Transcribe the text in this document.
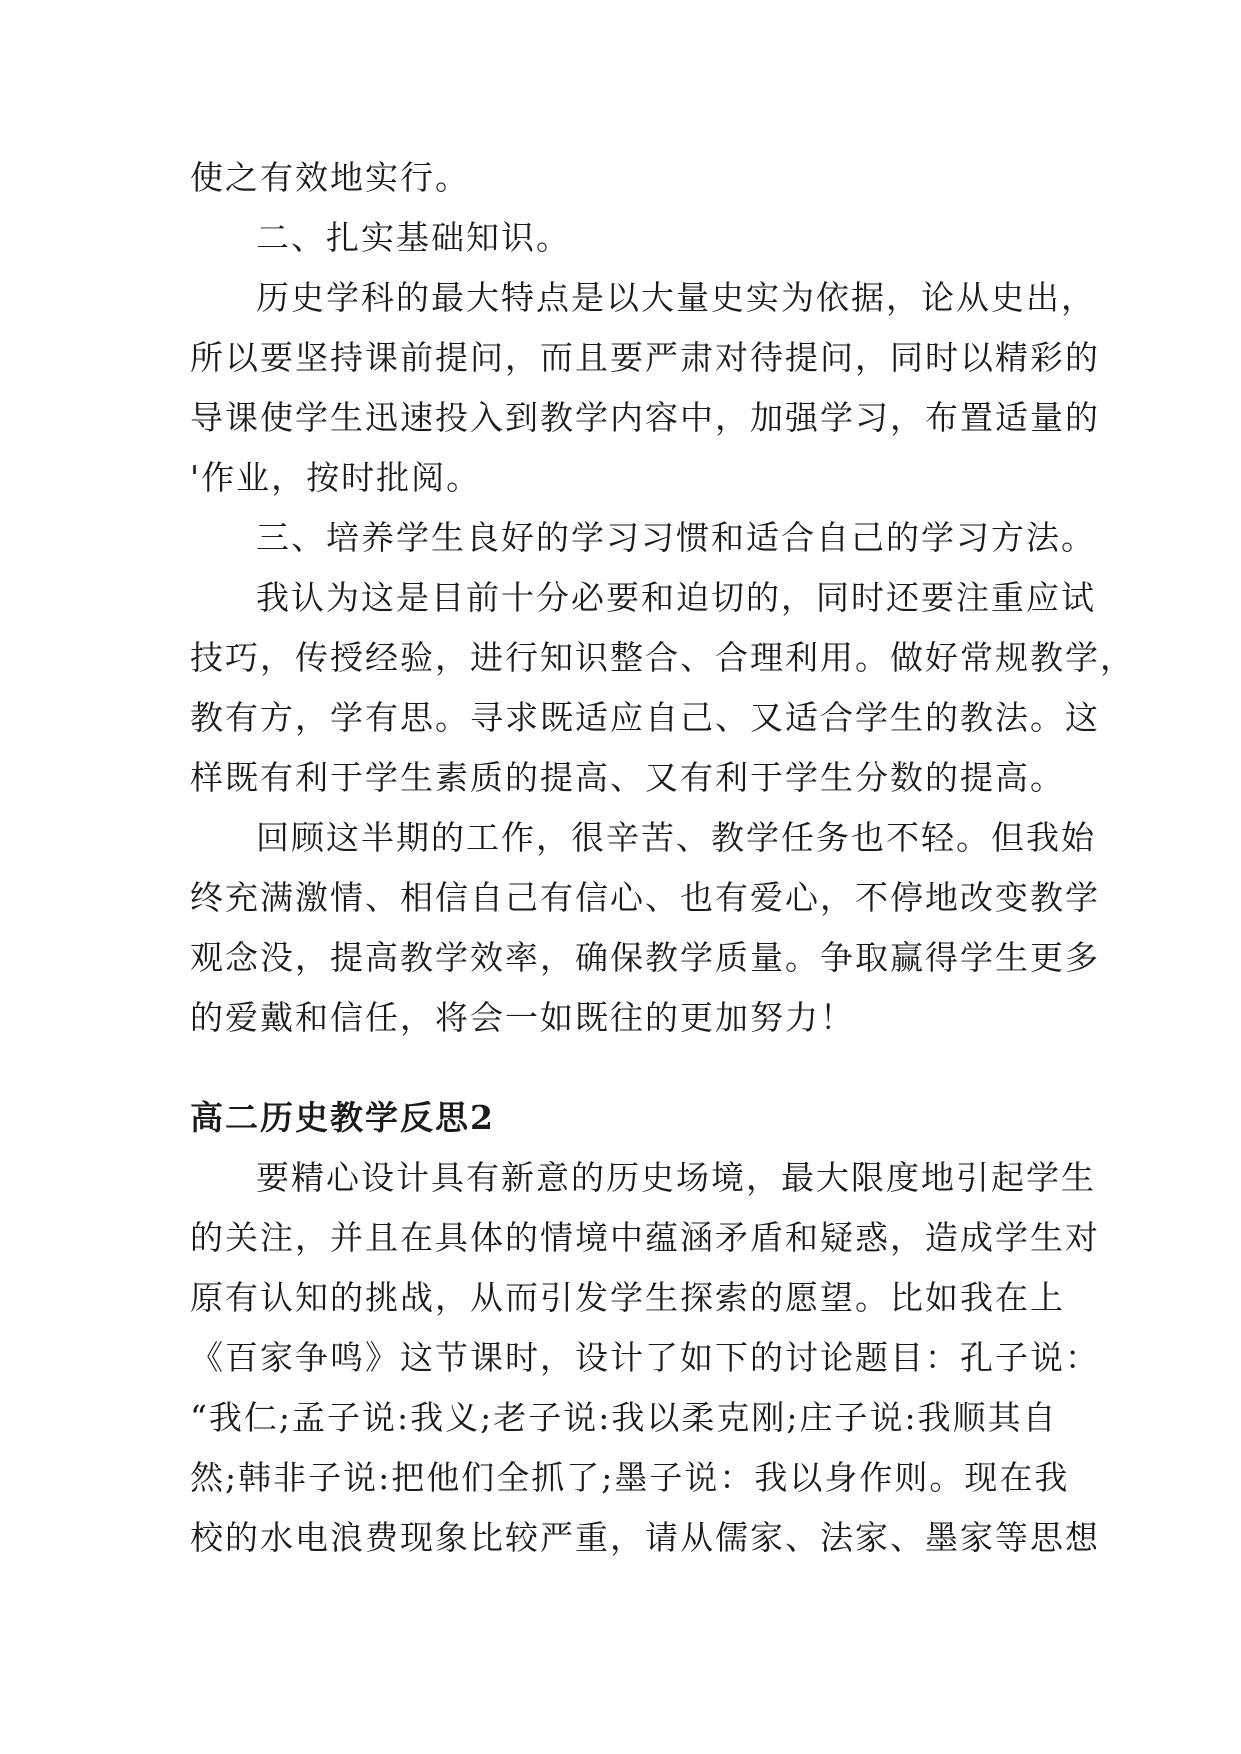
使之有效地实行。

二、扎实基础知识。

历史学科的最大特点是以大量史实为依据，论从史出，

所以要坚持课前提问，而且要严肃对待提问，同时以精彩的

导课使学生迅速投入到教学内容中，加强学习，布置适量的

'作业，按时批阅。

三、培养学生良好的学习习惯和适合自己的学习方法。

我认为这是目前十分必要和迫切的，同时还要注重应试

技巧，传授经验，进行知识整合、合理利用。做好常规教学，

教有方，学有思。寻求既适应自己、又适合学生的教法。这

样既有利于学生素质的提高、又有利于学生分数的提高。

回顾这半期的工作，很辛苦、教学任务也不轻。但我始

终充满激情、相信自己有信心、也有爱心，不停地改变教学

观念没，提高教学效率，确保教学质量。争取赢得学生更多

的爱戴和信任，将会一如既往的更加努力！

高二历史教学反思2

要精心设计具有新意的历史场境，最大限度地引起学生

的关注，并且在具体的情境中蕴涵矛盾和疑惑，造成学生对

原有认知的挑战，从而引发学生探索的愿望。比如我在上

《百家争鸣》这节课时，设计了如下的讨论题目：孔子说：

“我仁;孟子说:我义;老子说:我以柔克刚;庄子说:我顺其自

然;韩非子说:把他们全抓了;墨子说：我以身作则。现在我

校的水电浪费现象比较严重，请从儒家、法家、墨家等思想
